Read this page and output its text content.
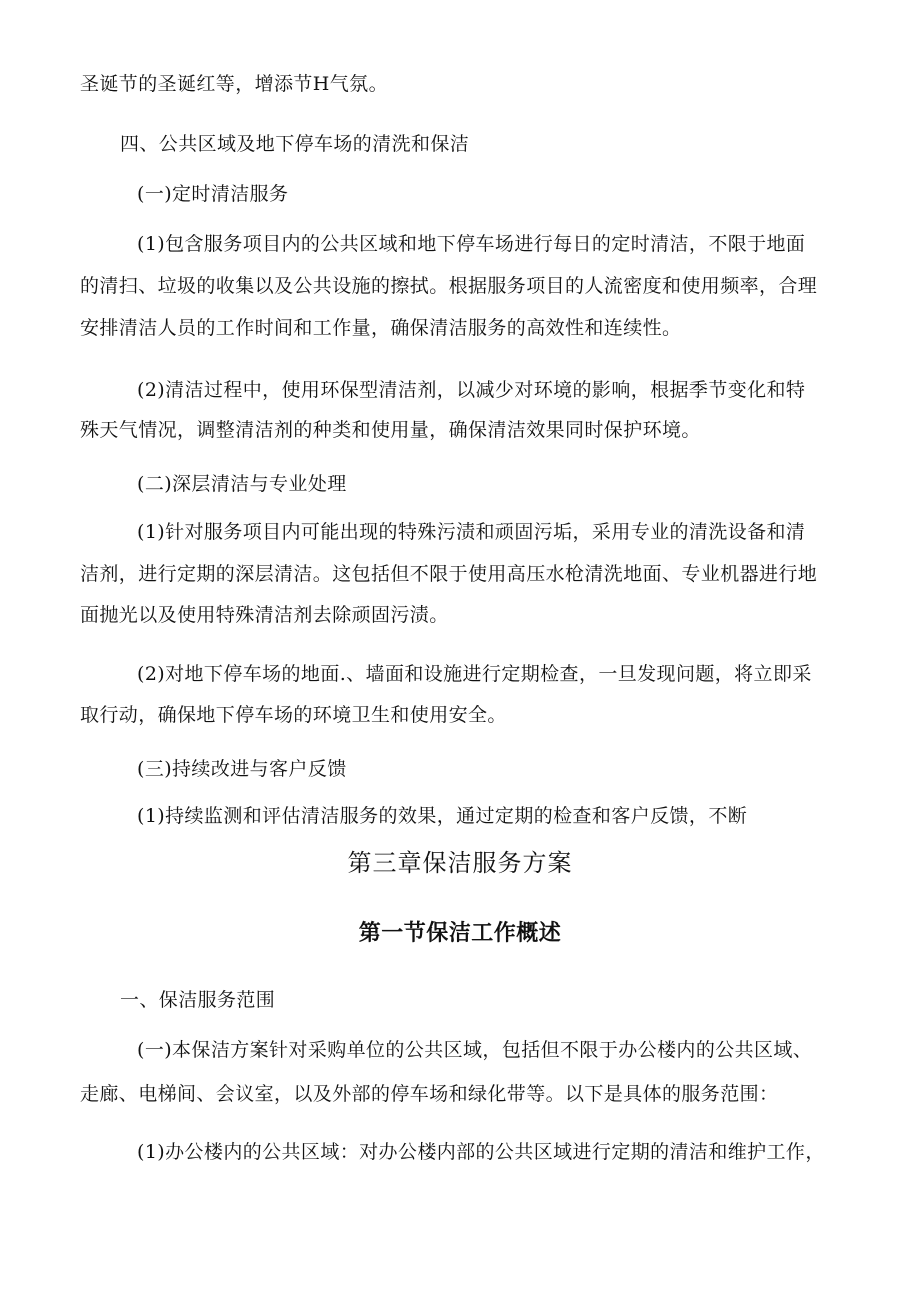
圣诞节的圣诞红等，增添节H气氛。
四、公共区域及地下停车场的清洗和保洁
(一)定时清洁服务
(1)包含服务项目内的公共区域和地下停车场进行每日的定时清洁，不限于地面
的清扫、垃圾的收集以及公共设施的擦拭。根据服务项目的人流密度和使用频率，合理
安排清洁人员的工作时间和工作量，确保清洁服务的高效性和连续性。
(2)清洁过程中，使用环保型清洁剂，以减少对环境的影响，根据季节变化和特
殊天气情况，调整清洁剂的种类和使用量，确保清洁效果同时保护环境。
(二)深层清洁与专业处理
(1)针对服务项目内可能出现的特殊污渍和顽固污垢，采用专业的清洗设备和清
洁剂，进行定期的深层清洁。这包括但不限于使用高压水枪清洗地面、专业机器进行地
面抛光以及使用特殊清洁剂去除顽固污渍。
(2)对地下停车场的地面.、墙面和设施进行定期检查，一旦发现问题，将立即采
取行动，确保地下停车场的环境卫生和使用安全。
(三)持续改进与客户反馈
(1)持续监测和评估清洁服务的效果，通过定期的检查和客户反馈，不断
第三章保洁服务方案
第一节保洁工作概述
一、保洁服务范围
(一)本保洁方案针对采购单位的公共区域，包括但不限于办公楼内的公共区域、
走廊、电梯间、会议室，以及外部的停车场和绿化带等。以下是具体的服务范围：
(1)办公楼内的公共区域：对办公楼内部的公共区域进行定期的清洁和维护工作，
